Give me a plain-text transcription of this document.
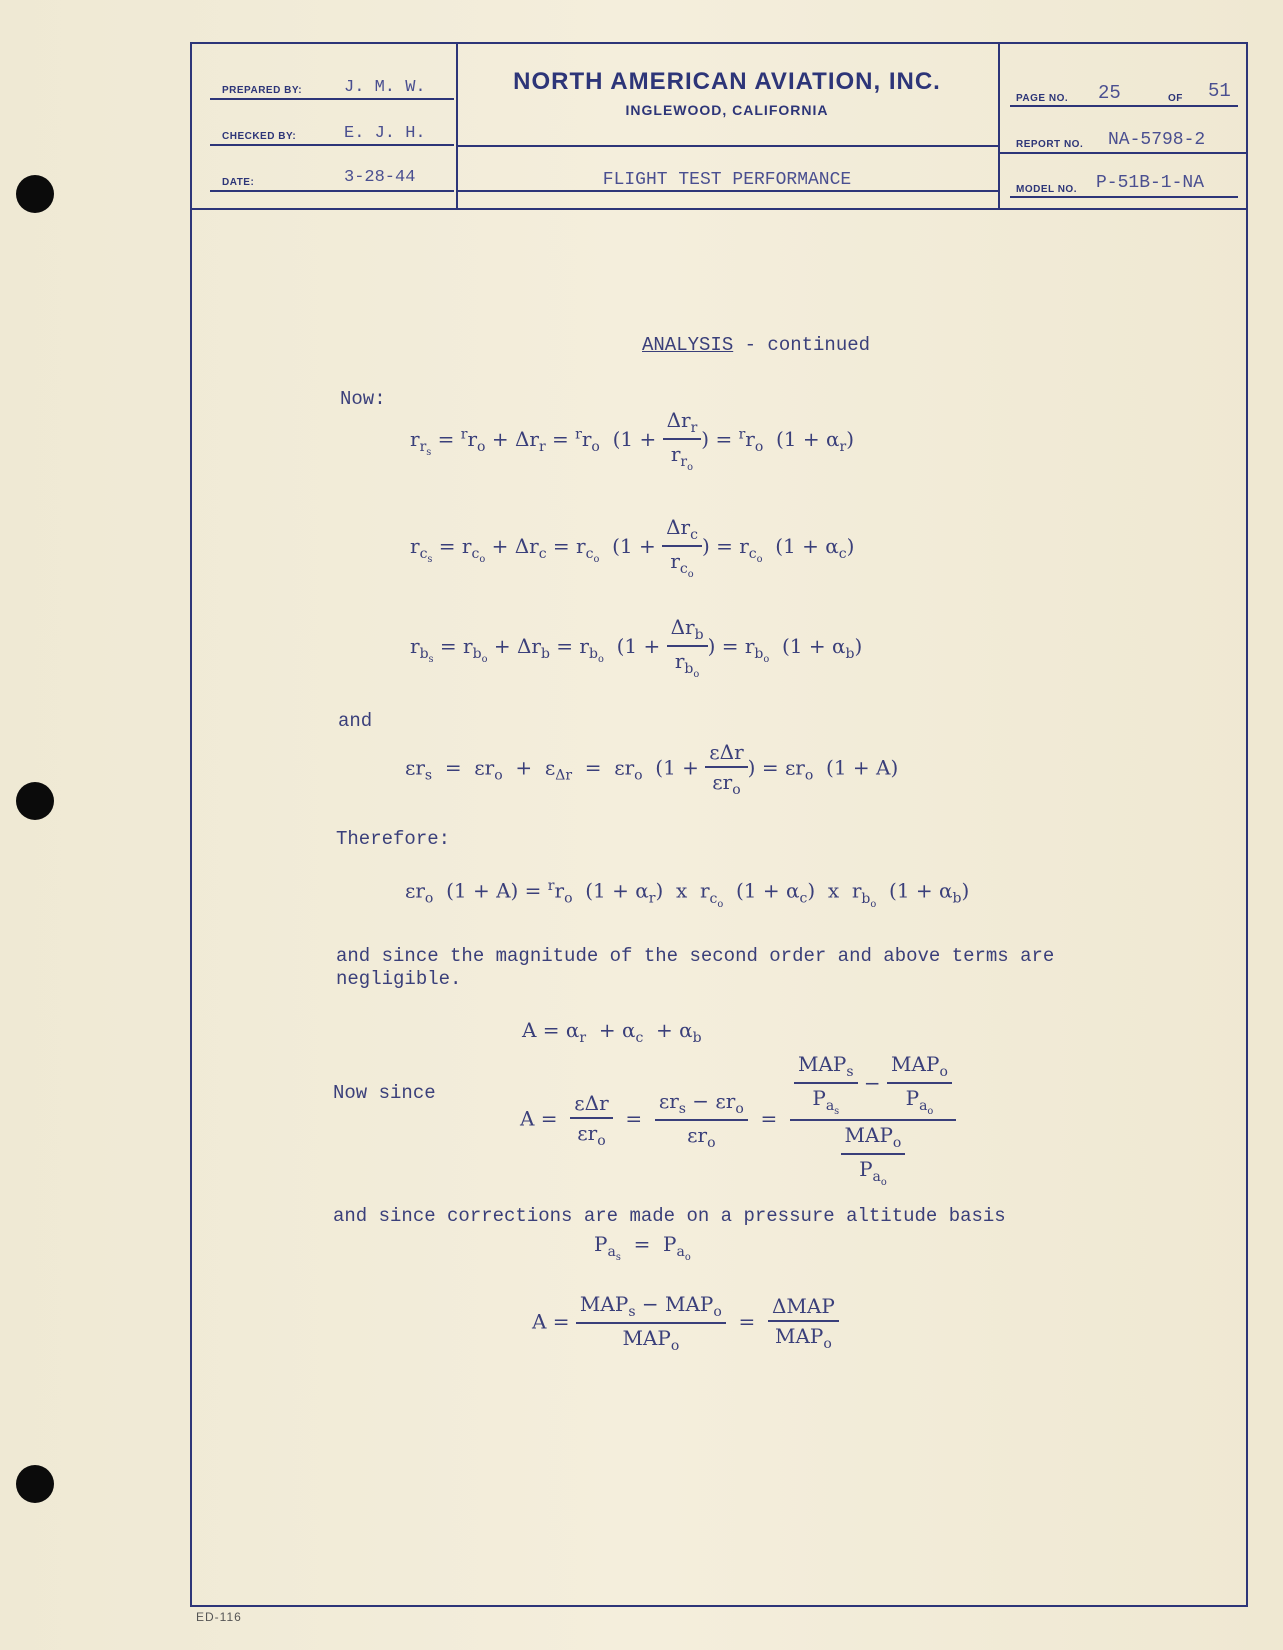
PREPARED BY: J. M. W.
CHECKED BY:	E. J. H.
DATE:	3-28-44
NORTH AMERICAN AVIATION, INC.
INGLEWOOD, CALIFORNIA
FLIGHT TEST PERFORMANCE
PAGE NO. 25	OF 51
REPORT NO. NA-5798-2
MODEL NO. P-51B-1-NA
ANALYSIS - continued
Now:
$r_{r_s} = ^rr_o + \Delta r_r = ^rr_o$  ($1 + \frac{\Delta r_r}{r_{r_o}}$ ) = $^rr_o$  $(1 + \alpha_r)$
$r_{c_s} = r_{c_o} + \Delta r_c = r_{c_o}$  ($1 + \frac{\Delta r_c}{r_{c_o}}$ ) = $r_{c_o}$  $(1 + \alpha_c)$
$r_{b_s} = r_{b_o} + \Delta r_b = r_{b_o}$  ($1 + \frac{\Delta r_b}{r_{b_o}}$ ) = $r_{b_o}$  $(1 + \alpha_b)$
and
$\varepsilon r_s = \varepsilon r_o + \varepsilon_{\Delta r} = \varepsilon r_o$  ($1 + \frac{\text{εΔr}}{\varepsilon r_o}$ ) = $\varepsilon r_o$  (1 + A)
Therefore:
$\varepsilon r_o$  $(1 + A) = ^rr_o$  $(1 + \alpha_r)$  x  $r_{c_o}$  $(1 + \alpha_c)$  x  $r_{b_o}$  $(1 + \alpha_b)$
and since the magnitude of the second order and above terms are
negligible.
$A = \alpha_r + \alpha_c + \alpha_b$
Now since
$A = \frac{\text{εΔr}}{\varepsilon r_o} = \frac{\varepsilon r_s - \varepsilon r_o}{\varepsilon r_o} = \frac{\frac{MAP_s}{P_{a_s}} - \frac{MAP_o}{P_{a_o}}}{\frac{MAP_o}{P_{a_o}}}$
and since corrections are made on a pressure altitude basis
$P_{a_s} = P_{a_o}$
$A = \frac{MAP_s - MAP_o}{MAP_o} = \frac{\text{ΔMAP}}{MAP_o}$
ED-116
